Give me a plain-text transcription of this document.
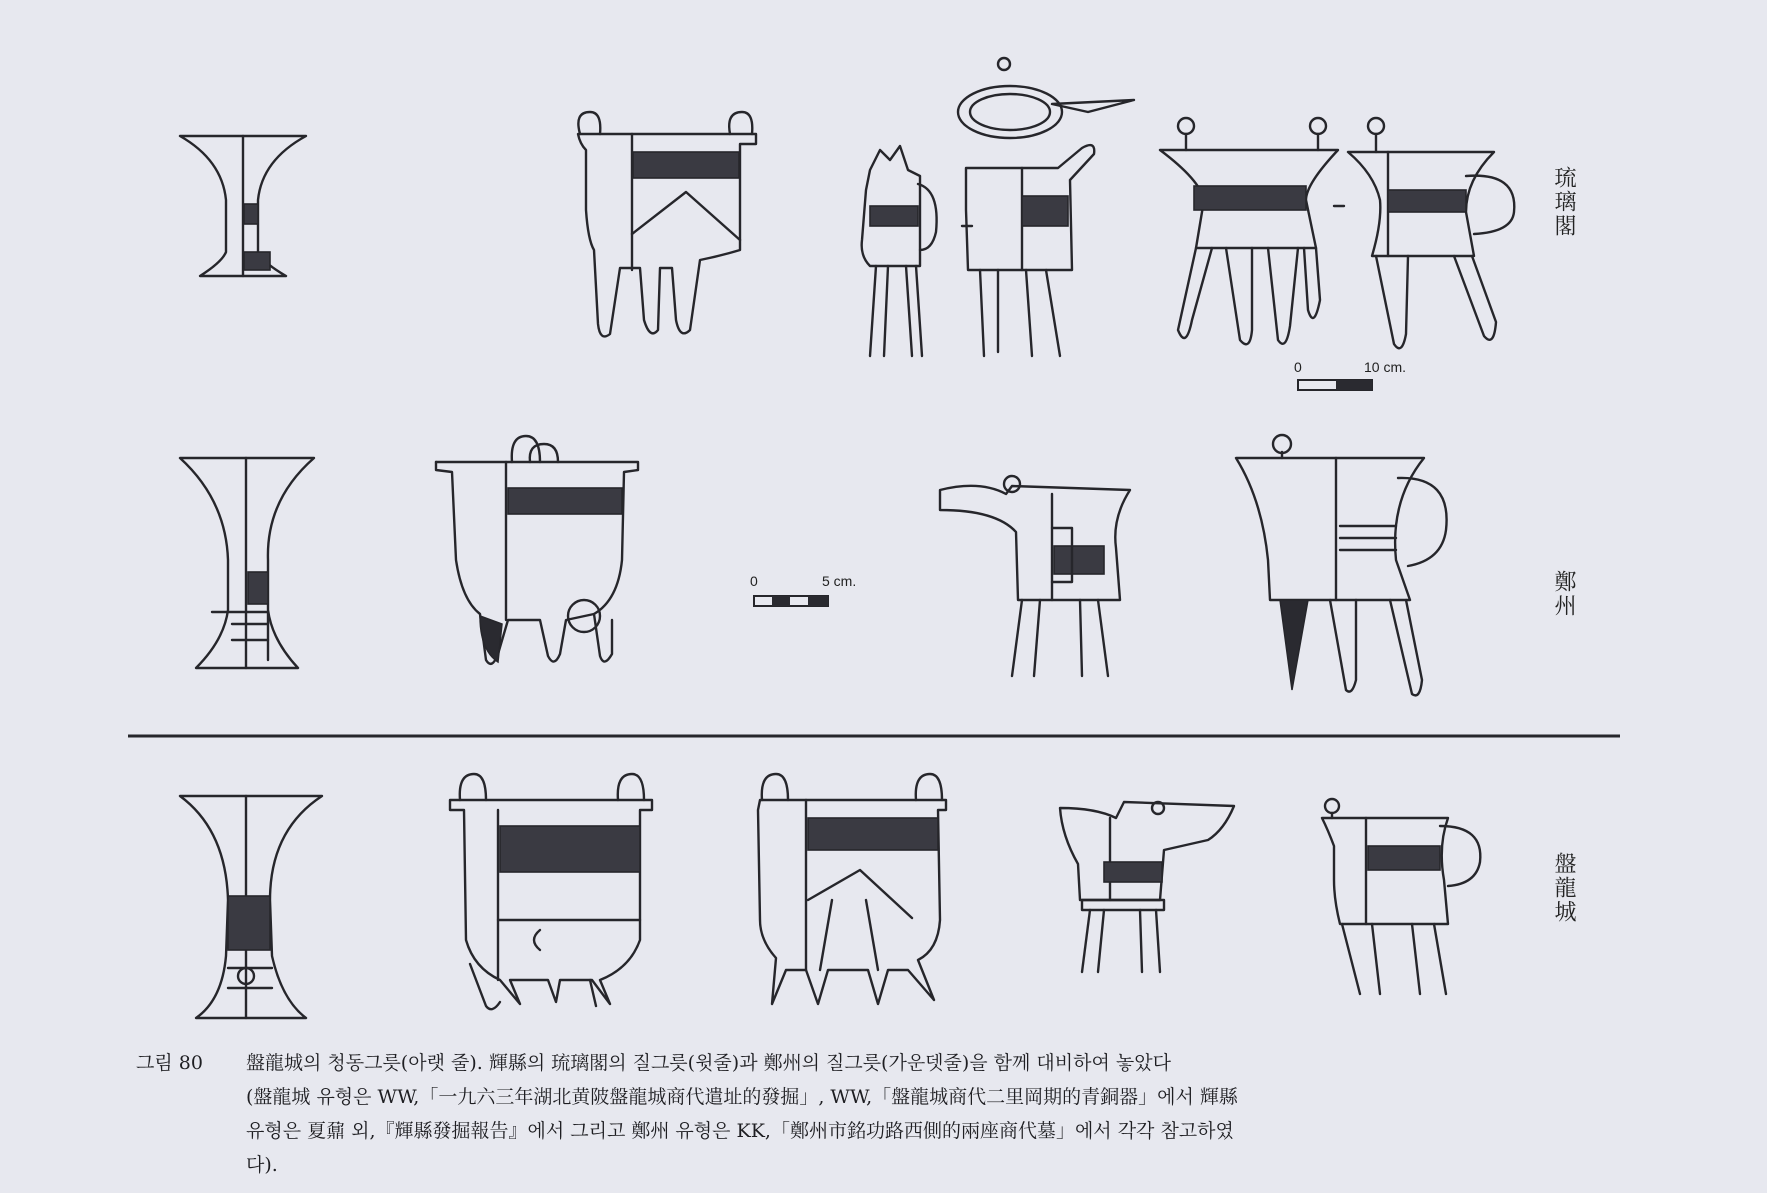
0	10 cm.
0	5 cm.
琉璃閣
鄭州
盤龍城
그림 80	盤龍城의 청동그릇(아랫 줄). 輝縣의 琉璃閣의 질그릇(윗줄)과 鄭州의 질그릇(가운뎃줄)을 함께 대비하여 놓았다
(盤龍城 유형은 WW,「一九六三年湖北黄陂盤龍城商代遣址的發掘」, WW,「盤龍城商代二里岡期的青銅器」에서 輝縣
유형은 夏鼐 외,『輝縣發掘報告』에서 그리고 鄭州 유형은 KK,「鄭州市銘功路西側的兩座商代墓」에서 각각 참고하였
다).
